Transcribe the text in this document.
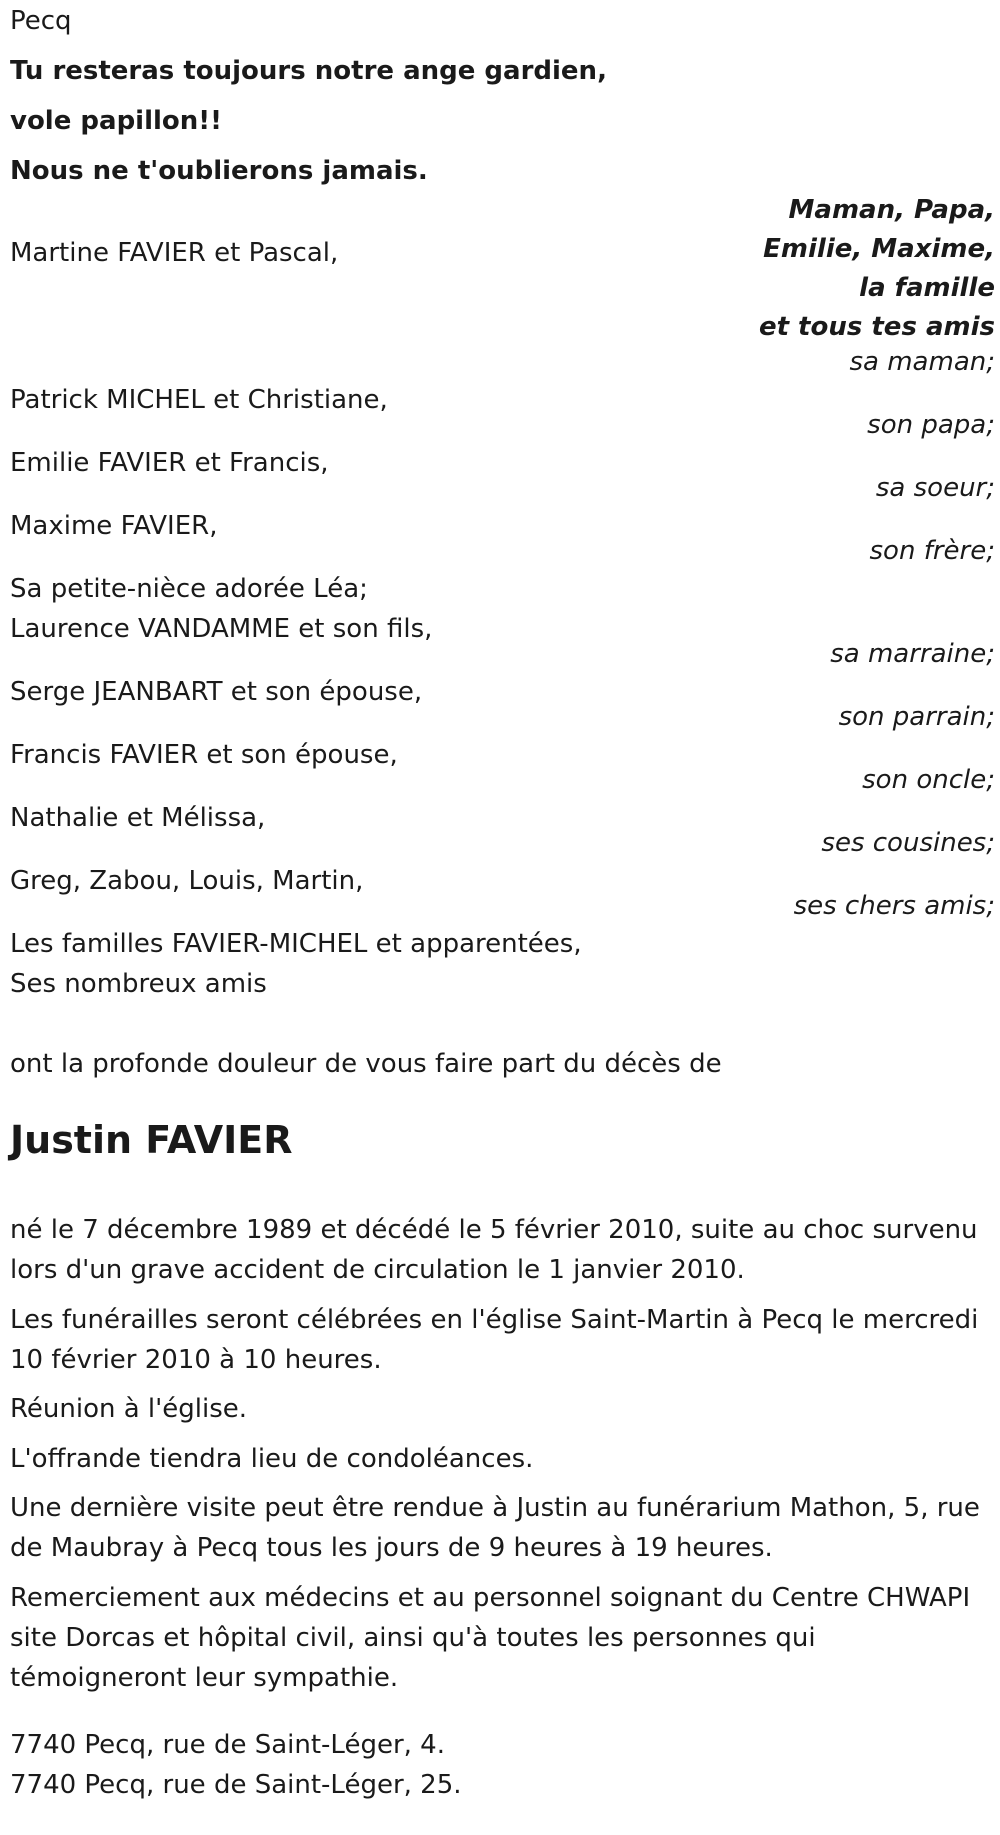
Pecq
Tu resteras toujours notre ange gardien,
vole papillon!!
Nous ne t'oublierons jamais.
Maman, Papa,
Emilie, Maxime, la famille
et tous tes amis
Martine FAVIER et Pascal,
Patrick MICHEL et Christiane,
Emilie FAVIER et Francis,
Maxime FAVIER,
Sa petite-nièce adorée Léa;
Laurence VANDAMME et son fils,
Serge JEANBART et son épouse,
Francis FAVIER et son épouse,
Nathalie et Mélissa,
Greg, Zabou, Louis, Martin,
Les familles FAVIER-MICHEL et apparentées,
Ses nombreux amis
sa maman;
son papa;
sa soeur;
son frère;
sa marraine;
son parrain;
son oncle;
ses cousines;
ses chers amis;
ont la profonde douleur de vous faire part du décès de
Justin FAVIER
né le 7 décembre 1989 et décédé le 5 février 2010, suite au choc survenu lors d'un grave accident de circulation le 1 janvier 2010.
Les funérailles seront célébrées en l'église Saint-Martin à Pecq le mercredi 10 février 2010 à 10 heures.
Réunion à l'église.
L'offrande tiendra lieu de condoléances.
Une dernière visite peut être rendue à Justin au funérarium Mathon, 5, rue de Maubray à Pecq tous les jours de 9 heures à 19 heures.
Remerciement aux médecins et au personnel soignant du Centre CHWAPI site Dorcas et hôpital civil, ainsi qu'à toutes les personnes qui témoigneront leur sympathie.
7740 Pecq, rue de Saint-Léger, 4.
7740 Pecq, rue de Saint-Léger, 25.
